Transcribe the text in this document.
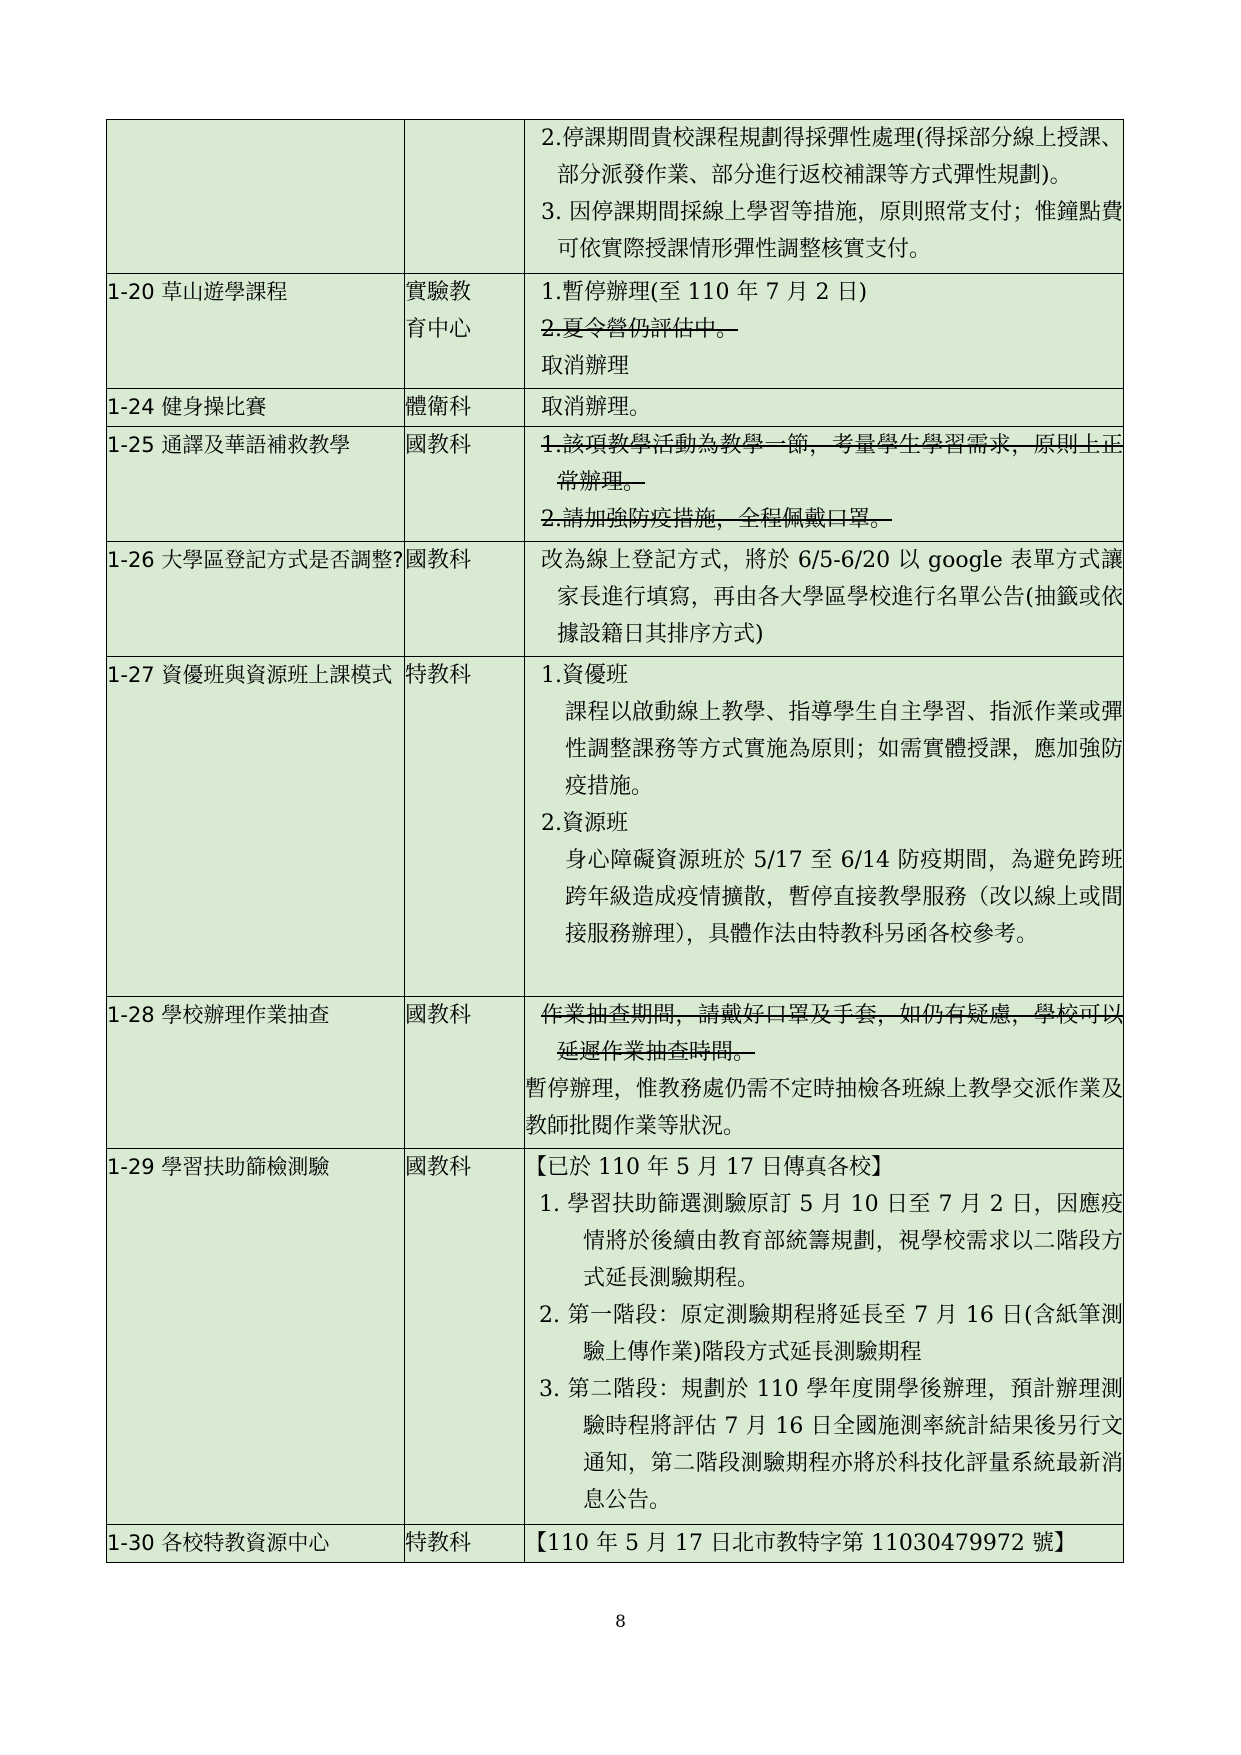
		2.停課期間貴校課程規劃得採彈性處理(得採部分線上授課、部分派發作業、部分進行返校補課等方式彈性規劃)。
3. 因停課期間採線上學習等措施，原則照常支付；惟鐘點費可依實際授課情形彈性調整核實支付。

1-20 草山遊學課程	實驗教育中心	1.暫停辦理(至 110 年 7 月 2 日)
2.夏令營仍評估中。
取消辦理

1-24 健身操比賽	體衛科	取消辦理。

1-25 通譯及華語補救教學	國教科	1.該項教學活動為教學一節，考量學生學習需求，原則上正常辦理。
2.請加強防疫措施，全程佩戴口罩。

1-26 大學區登記方式是否調整?	國教科	改為線上登記方式，將於 6/5-6/20 以 google 表單方式讓家長進行填寫，再由各大學區學校進行名單公告(抽籤或依據設籍日其排序方式)

1-27 資優班與資源班上課模式	特教科	1.資優班
課程以啟動線上教學、指導學生自主學習、指派作業或彈性調整課務等方式實施為原則；如需實體授課，應加強防疫措施。
2.資源班
身心障礙資源班於 5/17 至 6/14 防疫期間，為避免跨班跨年級造成疫情擴散，暫停直接教學服務（改以線上或間接服務辦理），具體作法由特教科另函各校參考。

1-28 學校辦理作業抽查	國教科	作業抽查期間，請戴好口罩及手套，如仍有疑慮，學校可以延遲作業抽查時間。
暫停辦理，惟教務處仍需不定時抽檢各班線上教學交派作業及教師批閱作業等狀況。

1-29 學習扶助篩檢測驗	國教科	【已於 110 年 5 月 17 日傳真各校】
1. 學習扶助篩選測驗原訂 5 月 10 日至 7 月 2 日，因應疫情將於後續由教育部統籌規劃，視學校需求以二階段方式延長測驗期程。
2. 第一階段：原定測驗期程將延長至 7 月 16 日(含紙筆測驗上傳作業)階段方式延長測驗期程
3. 第二階段：規劃於 110 學年度開學後辦理，預計辦理測驗時程將評估 7 月 16 日全國施測率統計結果後另行文通知，第二階段測驗期程亦將於科技化評量系統最新消息公告。

1-30 各校特教資源中心	特教科	【110 年 5 月 17 日北市教特字第 11030479972 號】
8
